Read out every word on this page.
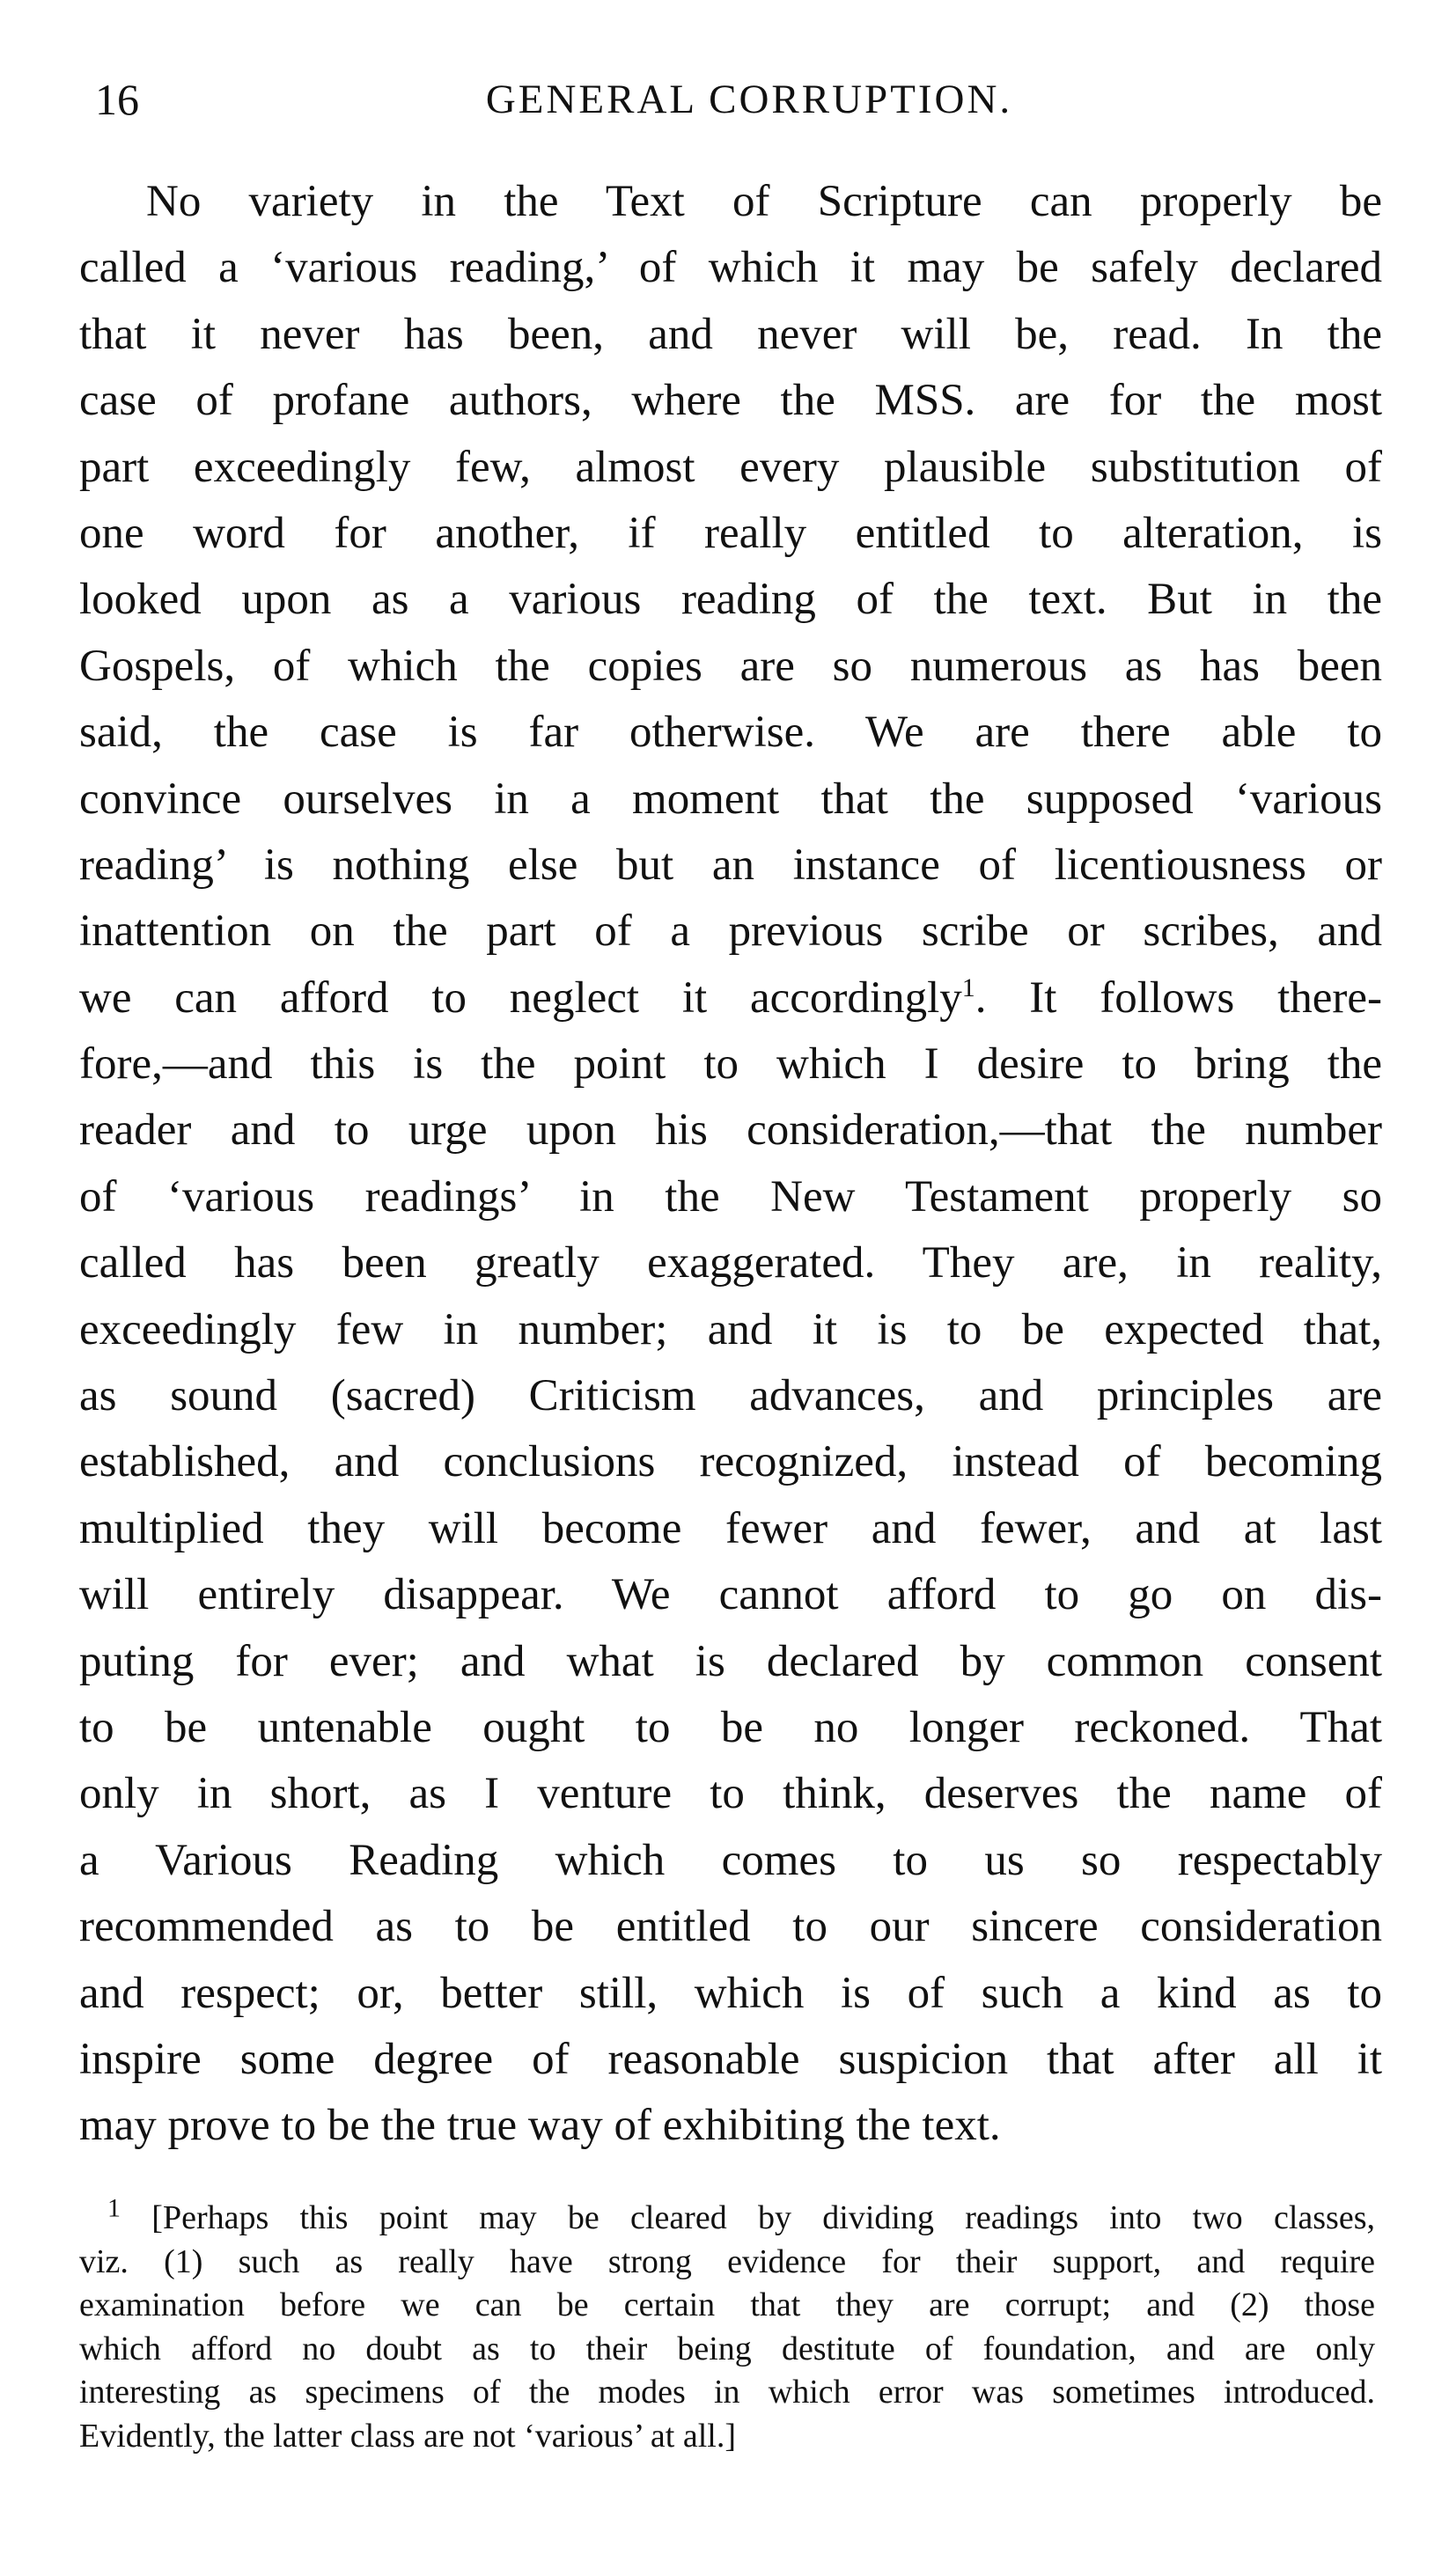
16	GENERAL CORRUPTION.
No variety in the Text of Scripture can properly be
called a ‘various reading,’ of which it may be safely declared
that it never has been, and never will be, read. In the
case of profane authors, where the MSS. are for the most
part exceedingly few, almost every plausible substitution of
one word for another, if really entitled to alteration, is
looked upon as a various reading of the text. But in the
Gospels, of which the copies are so numerous as has been
said, the case is far otherwise. We are there able to
convince ourselves in a moment that the supposed ‘various
reading’ is nothing else but an instance of licentiousness or
inattention on the part of a previous scribe or scribes, and
we can afford to neglect it accordingly$^1$. It follows there-
fore,—and this is the point to which I desire to bring the
reader and to urge upon his consideration,—that the number
of ‘various readings’ in the New Testament properly so
called has been greatly exaggerated. They are, in reality,
exceedingly few in number; and it is to be expected that,
as sound (sacred) Criticism advances, and principles are
established, and conclusions recognized, instead of becoming
multiplied they will become fewer and fewer, and at last
will entirely disappear. We cannot afford to go on dis-
puting for ever; and what is declared by common consent
to be untenable ought to be no longer reckoned. That
only in short, as I venture to think, deserves the name of
a Various Reading which comes to us so respectably
recommended as to be entitled to our sincere consideration
and respect; or, better still, which is of such a kind as to
inspire some degree of reasonable suspicion that after all it
may prove to be the true way of exhibiting the text.
$^1$ [Perhaps this point may be cleared by dividing readings into two classes,
viz. (1) such as really have strong evidence for their support, and require
examination before we can be certain that they are corrupt; and (2) those
which afford no doubt as to their being destitute of foundation, and are only
interesting as specimens of the modes in which error was sometimes introduced.
Evidently, the latter class are not ‘various’ at all.]
